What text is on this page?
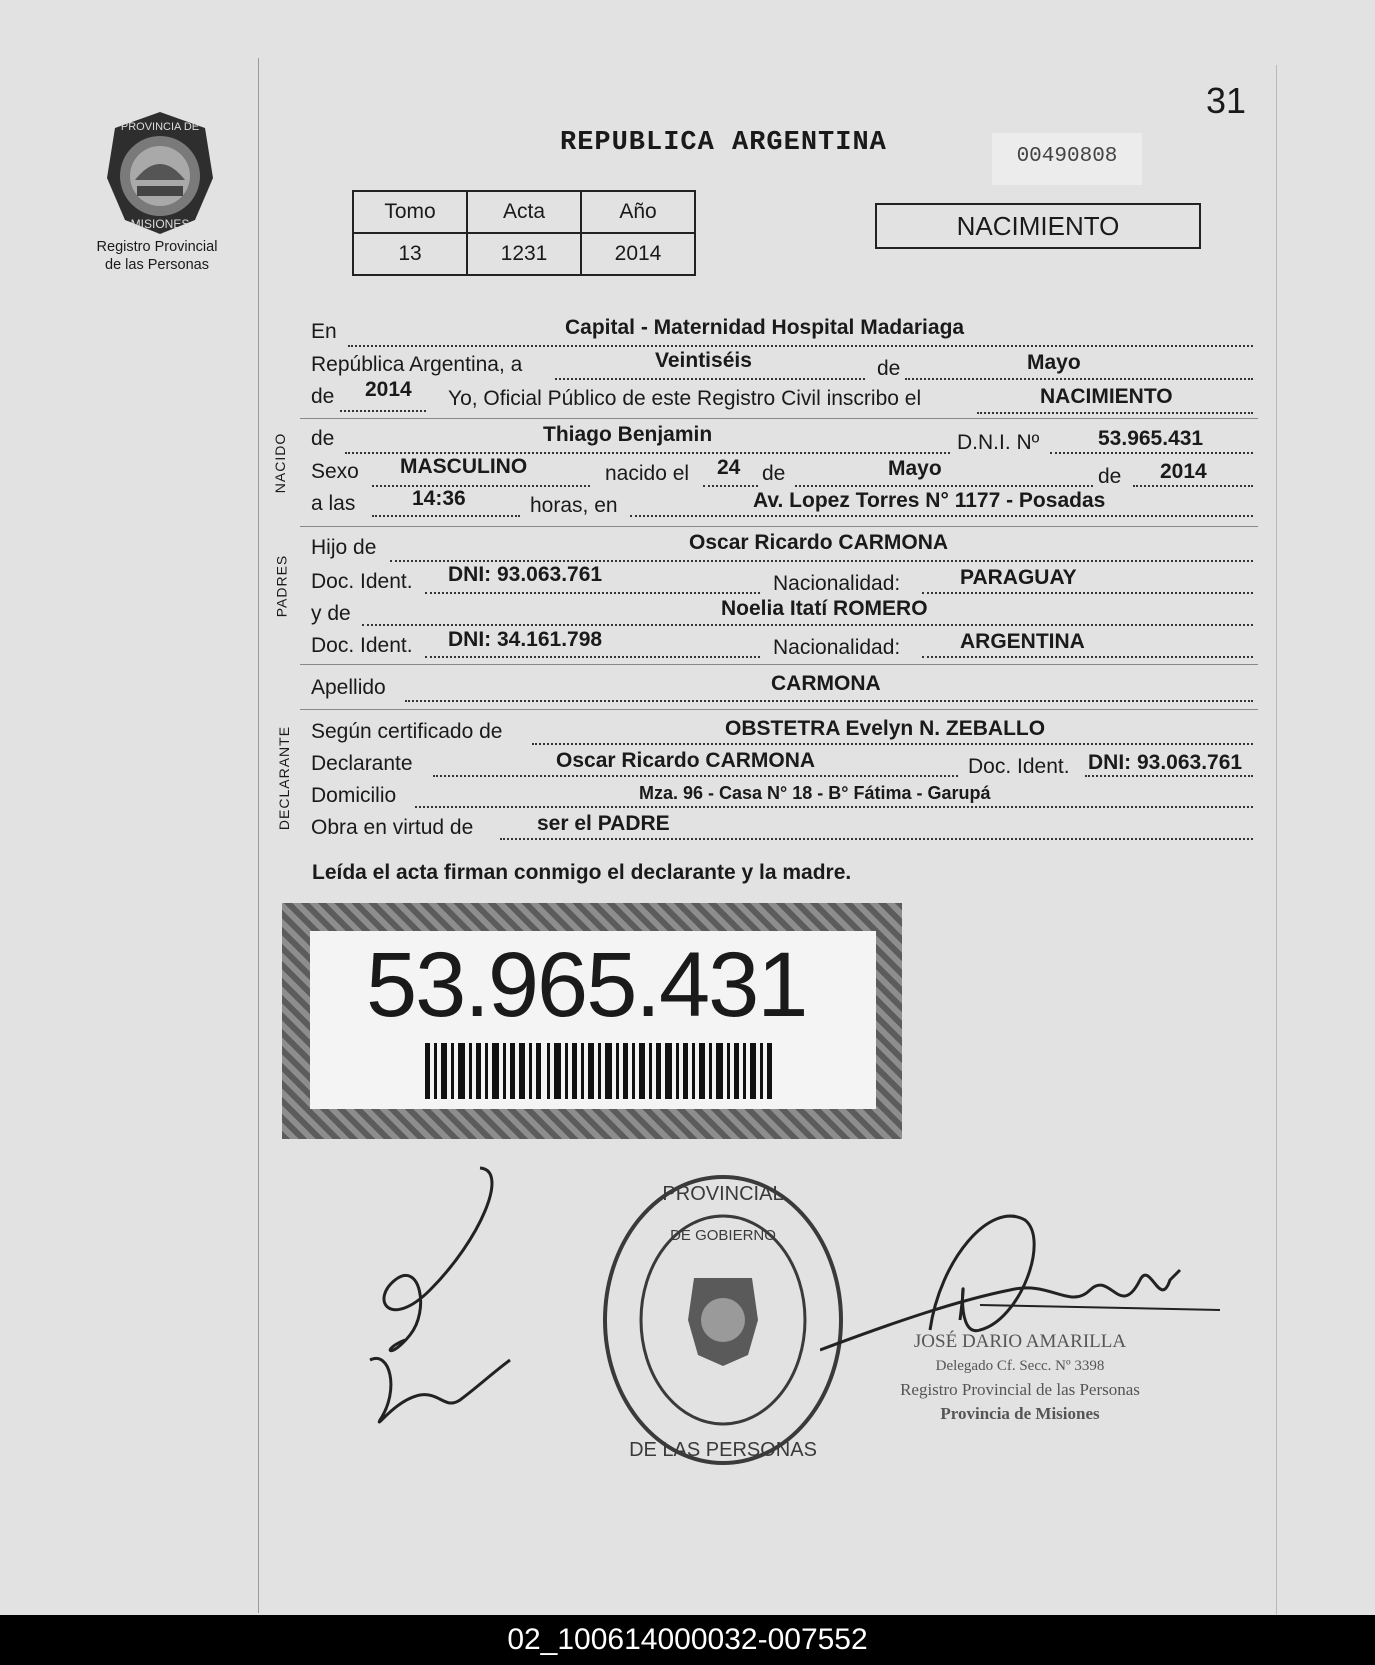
PROVINCIA DE
MISIONES
Registro Provincial
de las Personas
31
REPUBLICA ARGENTINA	00490808
Tomo	Acta	Año
13	1231	2014
NACIMIENTO
NACIDO
PADRES
DECLARANTE
En	Capital - Maternidad Hospital Madariaga
República Argentina, a	Veintiséis	de	Mayo
de 2014 Yo, Oficial Público de este Registro Civil inscribo el	NACIMIENTO
de	Thiago Benjamin	D.N.I. Nº	53.965.431
Sexo MASCULINO	nacido el 24 de	Mayo	de 2014
a las	14:36	horas, en	Av. Lopez Torres N° 1177 - Posadas
Hijo de	Oscar Ricardo CARMONA
Doc. Ident. DNI: 93.063.761	Nacionalidad:	PARAGUAY
y de	Noelia Itatí ROMERO
Doc. Ident. DNI: 34.161.798	Nacionalidad:	ARGENTINA
Apellido	CARMONA
Según certificado de	OBSTETRA Evelyn N. ZEBALLO
Declarante	Oscar Ricardo CARMONA	Doc. Ident. DNI: 93.063.761
Domicilio	Mza. 96 - Casa N° 18 - B° Fátima - Garupá
Obra en virtud de	ser el PADRE
Leída el acta firman conmigo el declarante y la madre.
53.965.431
PROVINCIAL
DE LAS PERSONAS
DE GOBIERNO
JOSÉ DARIO AMARILLA
Delegado Cf. Secc. Nº 3398
Registro Provincial de las Personas
Provincia de Misiones
02_100614000032-007552
